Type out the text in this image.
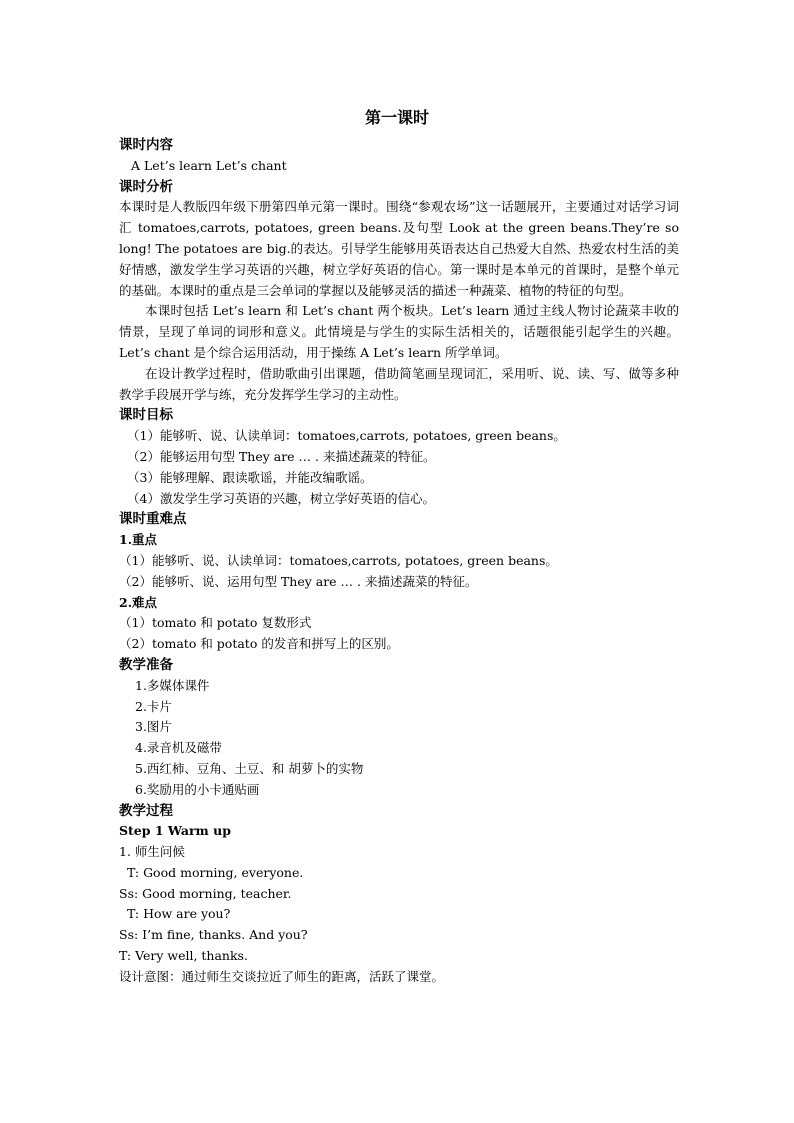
第一课时

课时内容

A Let’s learn Let’s chant

课时分析

本课时是人教版四年级下册第四单元第一课时。围绕“参观农场”这一话题展开，主要通过对话学习词汇 tomatoes,carrots, potatoes, green beans.及句型 Look at the green beans.They’re so long! The potatoes are big.的表达。引导学生能够用英语表达自己热爱大自然、热爱农村生活的美好情感，激发学生学习英语的兴趣，树立学好英语的信心。第一课时是本单元的首课时，是整个单元的基础。本课时的重点是三会单词的掌握以及能够灵活的描述一种蔬菜、植物的特征的句型。

本课时包括 Let’s learn 和 Let’s chant 两个板块。Let’s learn 通过主线人物讨论蔬菜丰收的情景，呈现了单词的词形和意义。此情境是与学生的实际生活相关的，话题很能引起学生的兴趣。Let’s chant 是个综合运用活动，用于操练 A Let’s learn 所学单词。

在设计教学过程时，借助歌曲引出课题，借助简笔画呈现词汇，采用听、说、读、写、做等多种教学手段展开学与练，充分发挥学生学习的主动性。

课时目标

（1）能够听、说、认读单词：tomatoes,carrots, potatoes, green beans。

（2）能够运用句型 They are … . 来描述蔬菜的特征。

（3）能够理解、跟读歌谣，并能改编歌谣。

（4）激发学生学习英语的兴趣，树立学好英语的信心。

课时重难点

1.重点

（1）能够听、说、认读单词：tomatoes,carrots, potatoes, green beans。

（2）能够听、说、运用句型 They are … . 来描述蔬菜的特征。

2.难点

（1）tomato 和 potato 复数形式

（2）tomato 和 potato 的发音和拼写上的区别。

教学准备

1.多媒体课件

2.卡片

3.图片

4.录音机及磁带

5.西红柿、豆角、土豆、和 胡萝卜的实物

6.奖励用的小卡通贴画

教学过程

Step 1 Warm up

1. 师生问候

T: Good morning, everyone.

Ss: Good morning, teacher.

T: How are you?

Ss: I’m fine, thanks. And you?

T: Very well, thanks.

设计意图：通过师生交谈拉近了师生的距离，活跃了课堂。
